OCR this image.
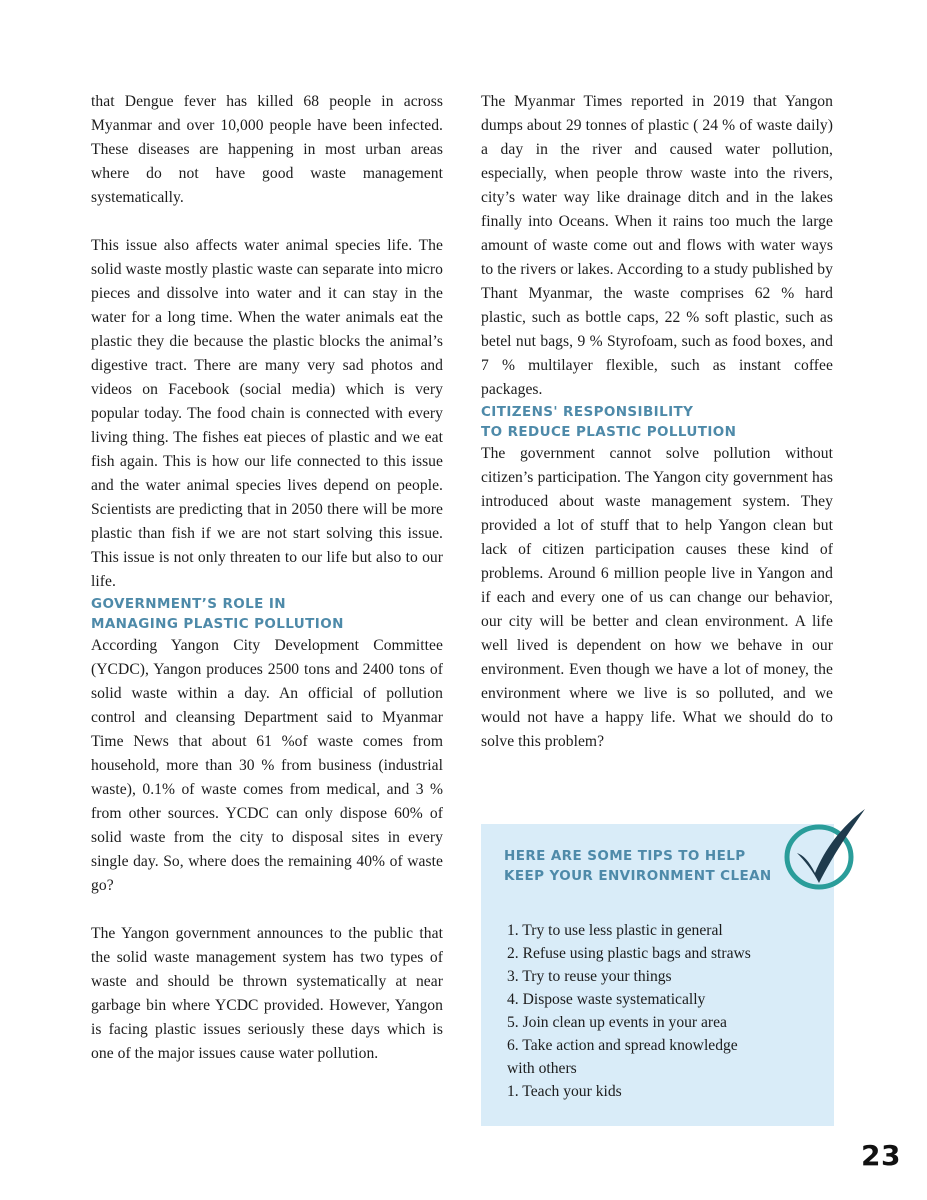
that Dengue fever has killed 68 people in across Myanmar and over 10,000 people have been infected. These diseases are happening in most urban areas where do not have good waste management systematically.

This issue also affects water animal species life. The solid waste mostly plastic waste can separate into micro pieces and dissolve into water and it can stay in the water for a long time. When the water animals eat the plastic they die because the plastic blocks the animal’s digestive tract. There are many very sad photos and videos on Facebook (social media) which is very popular today. The food chain is connected with every living thing. The fishes eat pieces of plastic and we eat fish again. This is how our life connected to this issue and the water animal species lives depend on people. Scientists are predicting that in 2050 there will be more plastic than fish if we are not start solving this issue. This issue is not only threaten to our life but also to our life.

GOVERNMENT’S ROLE IN
MANAGING PLASTIC POLLUTION

According Yangon City Development Committee (YCDC), Yangon produces 2500 tons and 2400 tons of solid waste within a day. An official of pollution control and cleansing Department said to Myanmar Time News that about 61 %of waste comes from household, more than 30 % from business (industrial waste), 0.1% of waste comes from medical, and 3 % from other sources. YCDC can only dispose 60% of solid waste from the city to disposal sites in every single day. So, where does the remaining 40% of waste go?

The Yangon government announces to the public that the solid waste management system has two types of waste and should be thrown systematically at near garbage bin where YCDC provided. However, Yangon is facing plastic issues seriously these days which is one of the major issues cause water pollution.

The Myanmar Times reported in 2019 that Yangon dumps about 29 tonnes of plastic ( 24 % of waste daily) a day in the river and caused water pollution, especially, when people throw waste into the rivers, city’s water way like drainage ditch and in the lakes finally into Oceans. When it rains too much the large amount of waste come out and flows with water ways to the rivers or lakes. According to a study published by Thant Myanmar, the waste comprises 62 % hard plastic, such as bottle caps, 22 % soft plastic, such as betel nut bags, 9 % Styrofoam, such as food boxes, and 7 % multilayer flexible, such as instant coffee packages.

CITIZENS' RESPONSIBILITY
TO REDUCE PLASTIC POLLUTION

The government cannot solve pollution without citizen’s participation. The Yangon city government has introduced about waste management system. They provided a lot of stuff that to help Yangon clean but lack of citizen participation causes these kind of problems. Around 6 million people live in Yangon and if each and every one of us can change our behavior, our city will be better and clean environment. A life well lived is dependent on how we behave in our environment. Even though we have a lot of money, the environment where we live is so polluted, and we would not have a happy life. What we should do to solve this problem?

HERE ARE SOME TIPS TO HELP
KEEP YOUR ENVIRONMENT CLEAN
1. Try to use less plastic in general
2. Refuse using plastic bags and straws
3. Try to reuse your things
4. Dispose waste systematically
5. Join clean up events in your area
6. Take action and spread knowledge
with others
1. Teach your kids
23
